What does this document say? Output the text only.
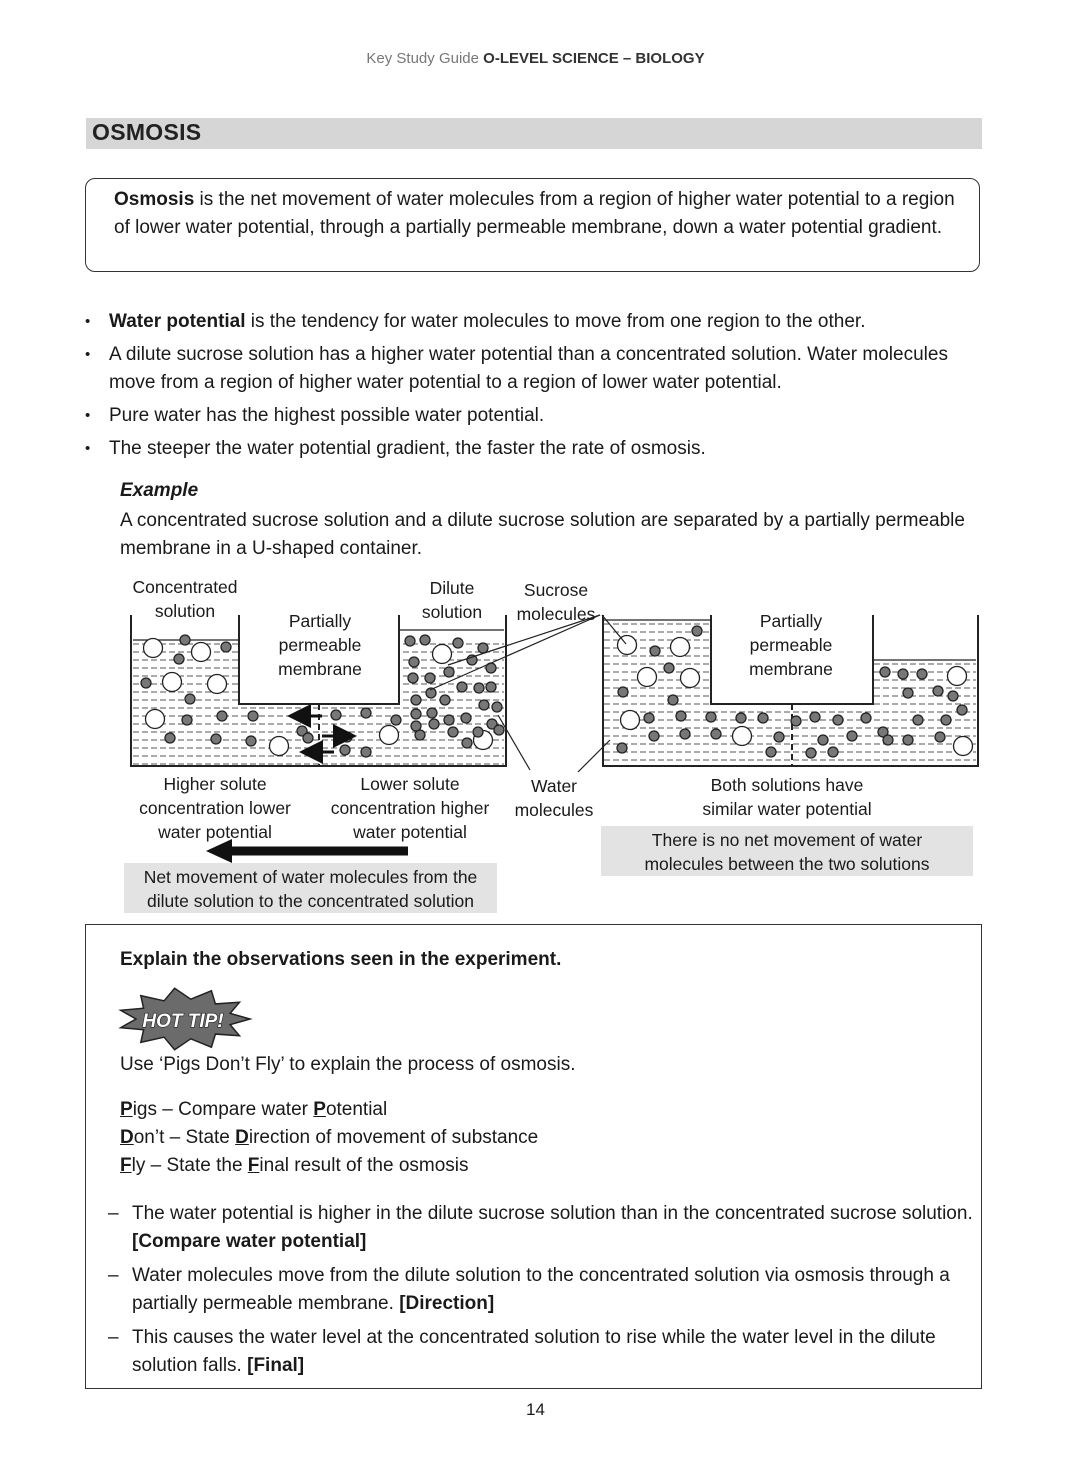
Key Study Guide O-LEVEL SCIENCE – BIOLOGY
OSMOSIS
Osmosis is the net movement of water molecules from a region of higher water potential to a region of lower water potential, through a partially permeable membrane, down a water potential gradient.
• Water potential is the tendency for water molecules to move from one region to the other.
• A dilute sucrose solution has a higher water potential than a concentrated solution. Water molecules move from a region of higher water potential to a region of lower water potential.
• Pure water has the highest possible water potential.
• The steeper the water potential gradient, the faster the rate of osmosis.
Example
A concentrated sucrose solution and a dilute sucrose solution are separated by a partially permeable membrane in a U-shaped container.
Concentrated
solution
Dilute
solution
Sucrose
molecules
Partially
permeable
membrane
Partially
permeable
membrane
Higher solute
concentration lower
water potential
Lower solute
concentration higher
water potential
Water
molecules
Both solutions have
similar water potential
There is no net movement of water
molecules between the two solutions
Net movement of water molecules from the
dilute solution to the concentrated solution
Explain the observations seen in the experiment.
HOT TIP!
Use ‘Pigs Don’t Fly’ to explain the process of osmosis.
Pigs – Compare water Potential
Don’t – State Direction of movement of substance
Fly – State the Final result of the osmosis
– The water potential is higher in the dilute sucrose solution than in the concentrated sucrose solution. [Compare water potential]
– Water molecules move from the dilute solution to the concentrated solution via osmosis through a partially permeable membrane. [Direction]
– This causes the water level at the concentrated solution to rise while the water level in the dilute solution falls. [Final]
14
